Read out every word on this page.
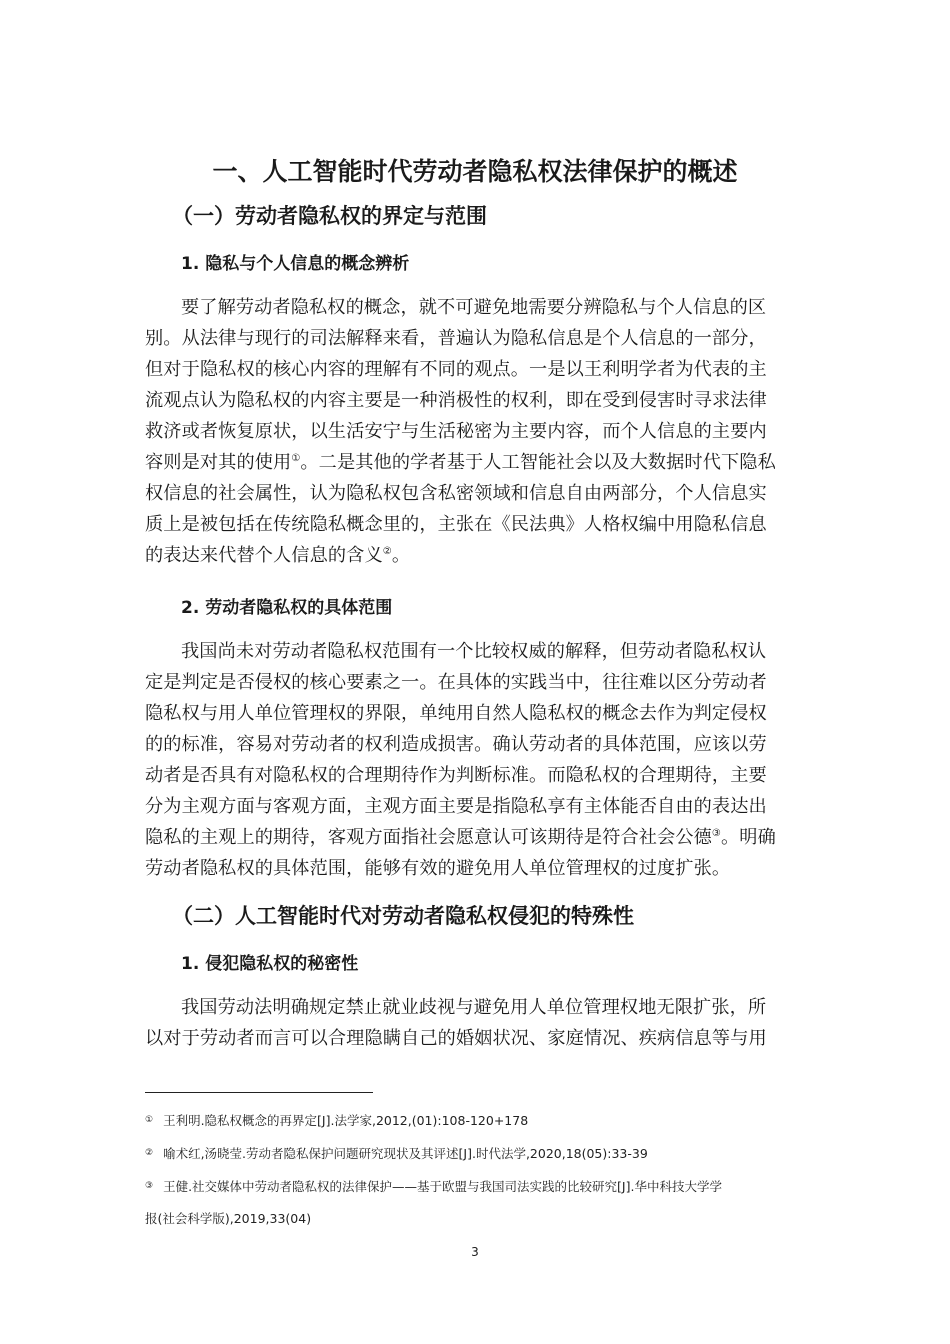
一、人工智能时代劳动者隐私权法律保护的概述
（一）劳动者隐私权的界定与范围
1. 隐私与个人信息的概念辨析
要了解劳动者隐私权的概念，就不可避免地需要分辨隐私与个人信息的区
别。从法律与现行的司法解释来看，普遍认为隐私信息是个人信息的一部分，
但对于隐私权的核心内容的理解有不同的观点。一是以王利明学者为代表的主
流观点认为隐私权的内容主要是一种消极性的权利，即在受到侵害时寻求法律
救济或者恢复原状，以生活安宁与生活秘密为主要内容，而个人信息的主要内
容则是对其的使用①。二是其他的学者基于人工智能社会以及大数据时代下隐私
权信息的社会属性，认为隐私权包含私密领域和信息自由两部分，个人信息实
质上是被包括在传统隐私概念里的，主张在《民法典》人格权编中用隐私信息
的表达来代替个人信息的含义②。
2. 劳动者隐私权的具体范围
我国尚未对劳动者隐私权范围有一个比较权威的解释，但劳动者隐私权认
定是判定是否侵权的核心要素之一。在具体的实践当中，往往难以区分劳动者
隐私权与用人单位管理权的界限，单纯用自然人隐私权的概念去作为判定侵权
的的标准，容易对劳动者的权利造成损害。确认劳动者的具体范围，应该以劳
动者是否具有对隐私权的合理期待作为判断标准。而隐私权的合理期待，主要
分为主观方面与客观方面，主观方面主要是指隐私享有主体能否自由的表达出
隐私的主观上的期待，客观方面指社会愿意认可该期待是符合社会公德③。明确
劳动者隐私权的具体范围，能够有效的避免用人单位管理权的过度扩张。
（二）人工智能时代对劳动者隐私权侵犯的特殊性
1. 侵犯隐私权的秘密性
我国劳动法明确规定禁止就业歧视与避免用人单位管理权地无限扩张，所
以对于劳动者而言可以合理隐瞒自己的婚姻状况、家庭情况、疾病信息等与用
① 王利明.隐私权概念的再界定[J].法学家,2012,(01):108-120+178
② 喻术红,汤晓莹.劳动者隐私保护问题研究现状及其评述[J].时代法学,2020,18(05):33-39
③ 王健.社交媒体中劳动者隐私权的法律保护——基于欧盟与我国司法实践的比较研究[J].华中科技大学学
报(社会科学版),2019,33(04)
3
